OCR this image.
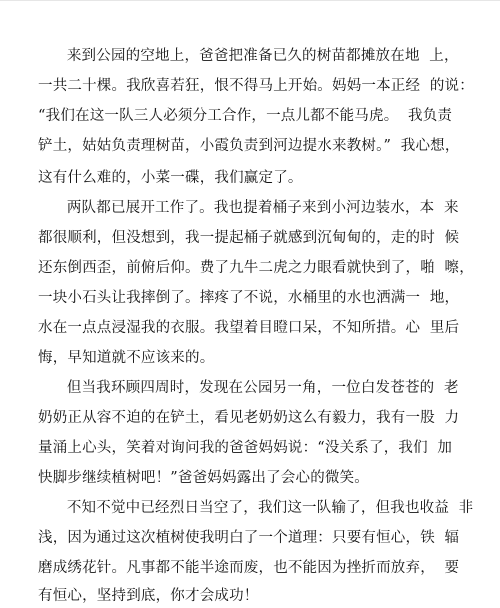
来到公园的空地上，爸爸把准备已久的树苗都摊放在地  上，
一共二十棵。我欣喜若狂，恨不得马上开始。妈妈一本正经  的说：
“我们在这一队三人必须分工合作，一点儿都不能马虎。  我负责
铲土，姑姑负责理树苗，小霞负责到河边提水来教树。”  我心想，
这有什么难的，小菜一碟，我们赢定了。
两队都已展开工作了。我也提着桶子来到小河边装水，本  来
都很顺利，但没想到，我一提起桶子就感到沉甸甸的，走的时  候
还东倒西歪，前俯后仰。费了九牛二虎之力眼看就快到了，啪  嚓，
一块小石头让我摔倒了。摔疼了不说，水桶里的水也洒满一  地，
水在一点点浸湿我的衣服。我望着目瞪口呆，不知所措。心  里后
悔，早知道就不应该来的。
但当我环顾四周时，发现在公园另一角，一位白发苍苍的  老
奶奶正从容不迫的在铲土，看见老奶奶这么有毅力，我有一股  力
量涌上心头，笑着对询问我的爸爸妈妈说：“没关系了，我们  加
快脚步继续植树吧！”爸爸妈妈露出了会心的微笑。
不知不觉中已经烈日当空了，我们这一队输了，但我也收益  非
浅，因为通过这次植树使我明白了一个道理：只要有恒心，铁  辐
磨成绣花针。凡事都不能半途而废，也不能因为挫折而放弃，  要
有恒心，坚持到底，你才会成功！
